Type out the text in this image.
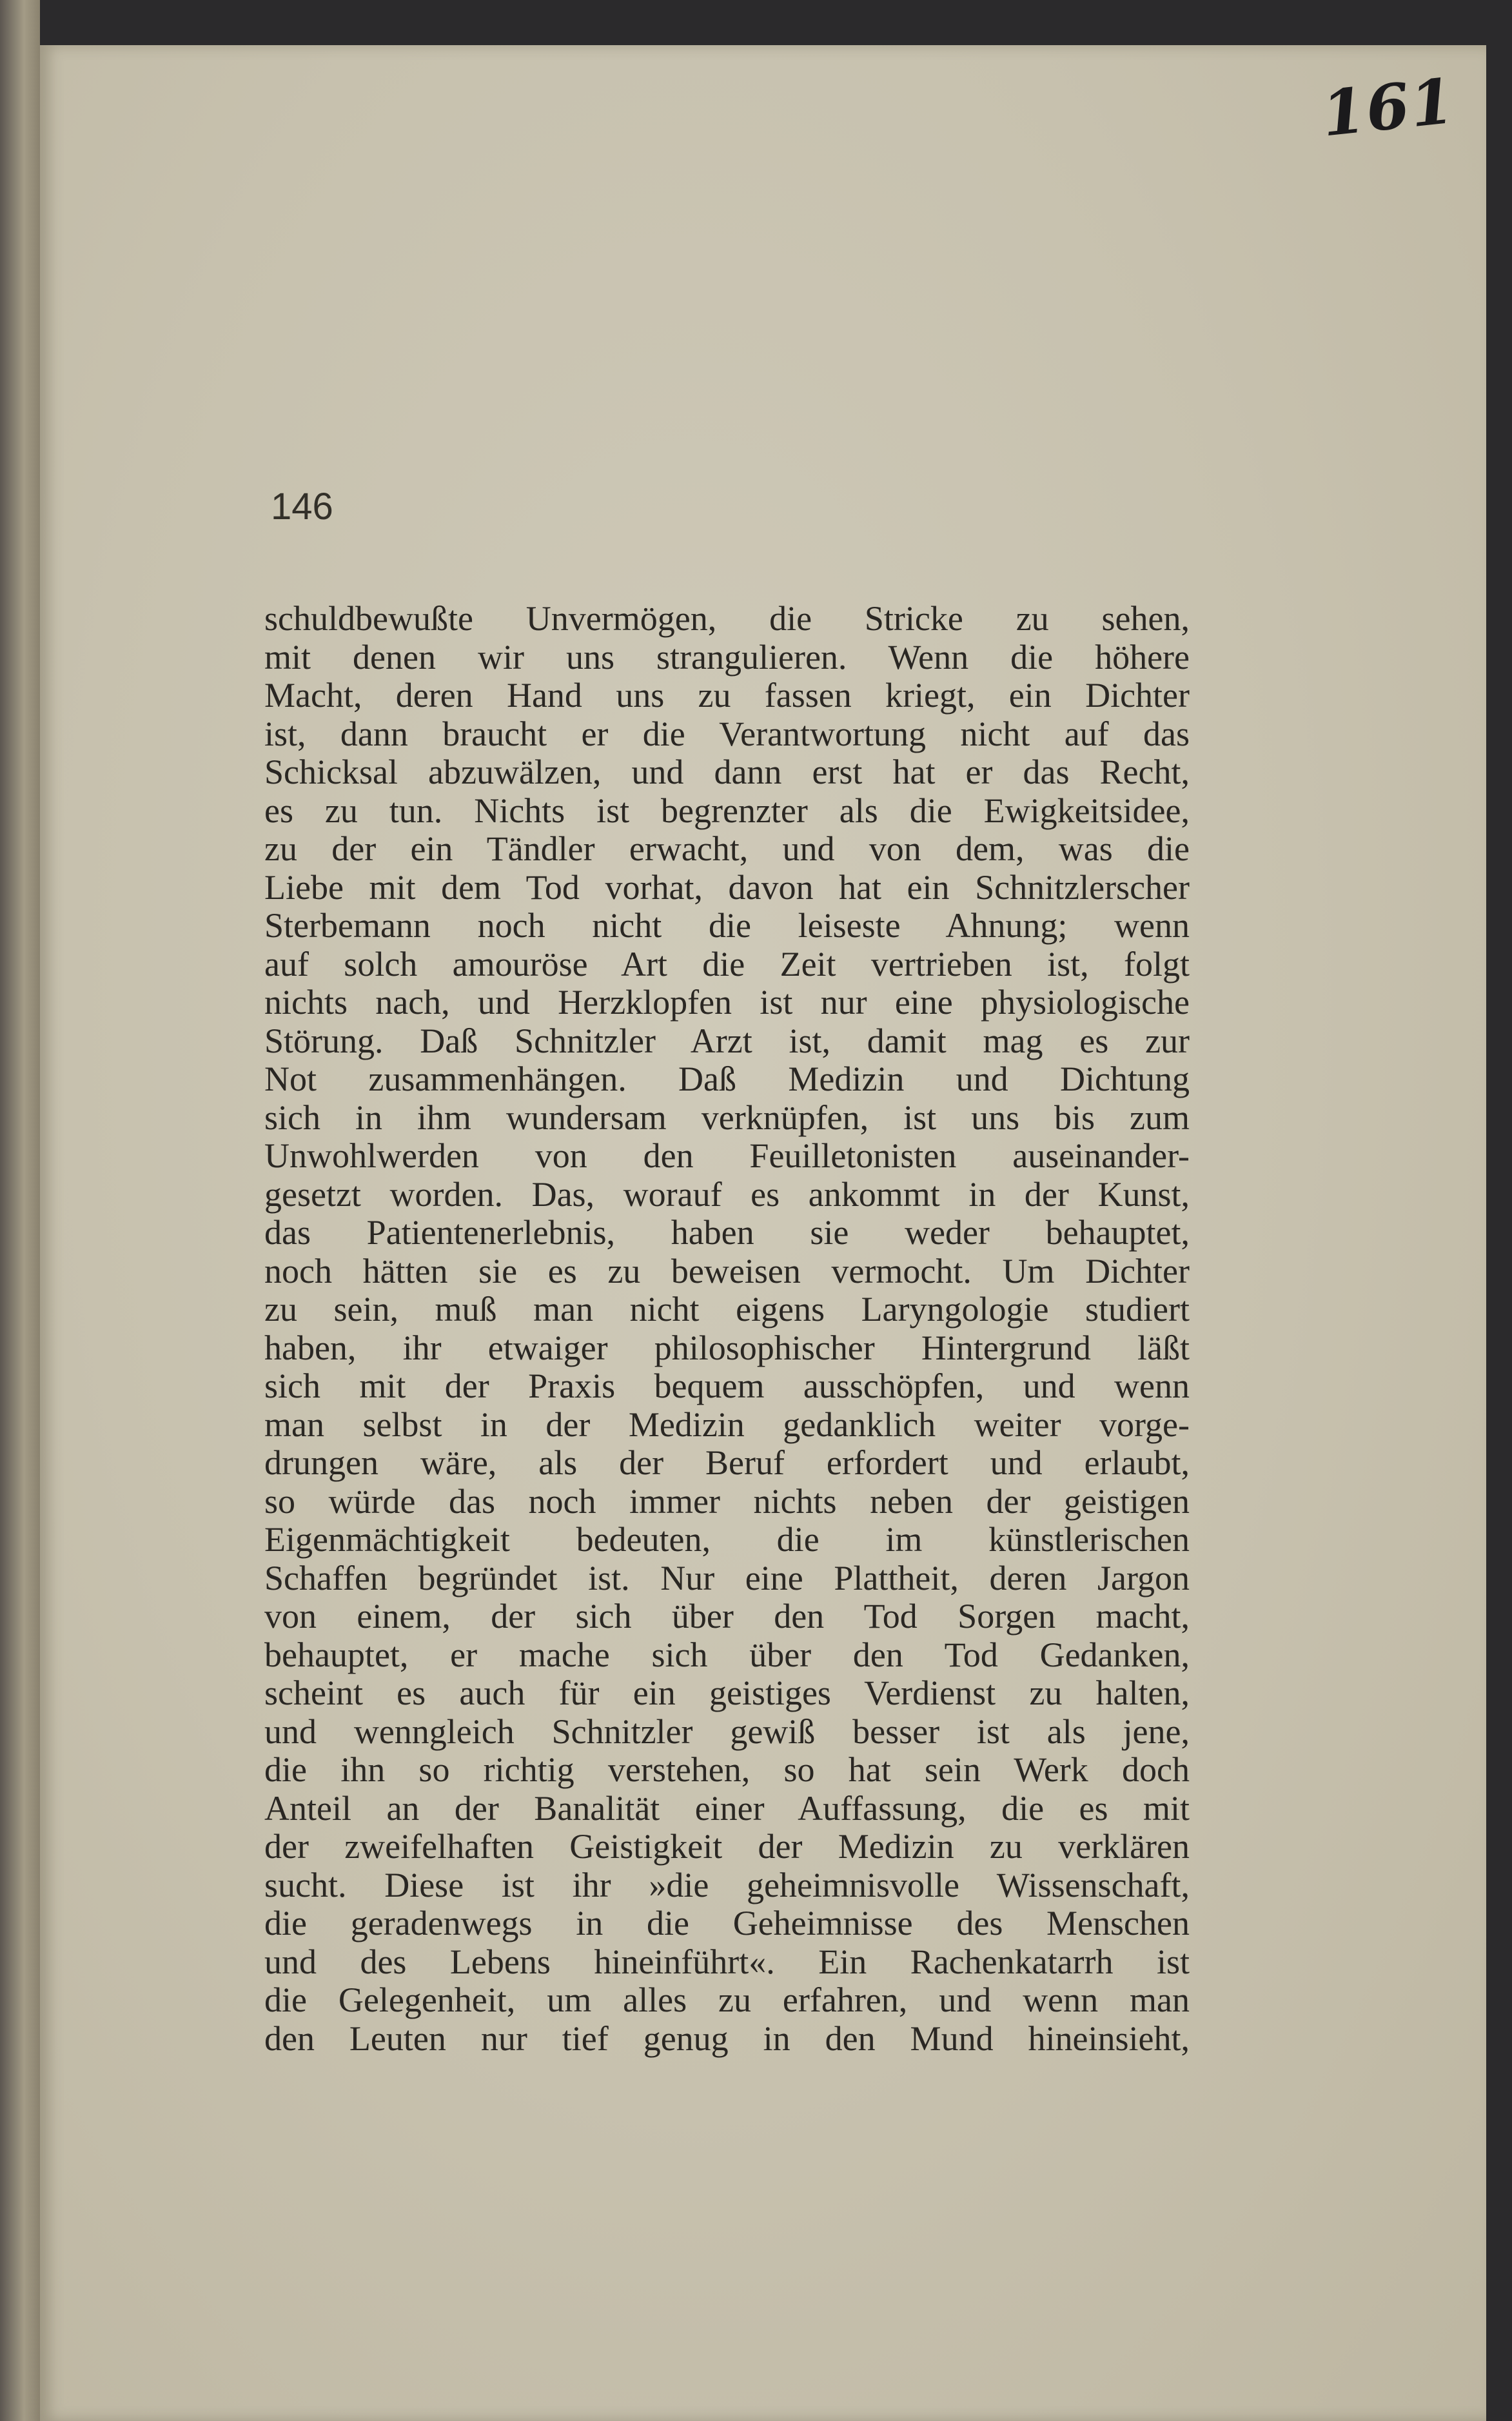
161
146
schuldbewußte Unvermögen, die Stricke zu sehen,
mit denen wir uns strangulieren. Wenn die höhere
Macht, deren Hand uns zu fassen kriegt, ein Dichter
ist, dann braucht er die Verantwortung nicht auf das
Schicksal abzuwälzen, und dann erst hat er das Recht,
es zu tun. Nichts ist begrenzter als die Ewigkeitsidee,
zu der ein Tändler erwacht, und von dem, was die
Liebe mit dem Tod vorhat, davon hat ein Schnitzlerscher
Sterbemann noch nicht die leiseste Ahnung; wenn
auf solch amouröse Art die Zeit vertrieben ist, folgt
nichts nach, und Herzklopfen ist nur eine physiologische
Störung. Daß Schnitzler Arzt ist, damit mag es zur
Not zusammenhängen. Daß Medizin und Dichtung
sich in ihm wundersam verknüpfen, ist uns bis zum
Unwohlwerden von den Feuilletonisten auseinander-
gesetzt worden. Das, worauf es ankommt in der Kunst,
das Patientenerlebnis, haben sie weder behauptet,
noch hätten sie es zu beweisen vermocht. Um Dichter
zu sein, muß man nicht eigens Laryngologie studiert
haben, ihr etwaiger philosophischer Hintergrund läßt
sich mit der Praxis bequem ausschöpfen, und wenn
man selbst in der Medizin gedanklich weiter vorge-
drungen wäre, als der Beruf erfordert und erlaubt,
so würde das noch immer nichts neben der geistigen
Eigenmächtigkeit bedeuten, die im künstlerischen
Schaffen begründet ist. Nur eine Plattheit, deren Jargon
von einem, der sich über den Tod Sorgen macht,
behauptet, er mache sich über den Tod Gedanken,
scheint es auch für ein geistiges Verdienst zu halten,
und wenngleich Schnitzler gewiß besser ist als jene,
die ihn so richtig verstehen, so hat sein Werk doch
Anteil an der Banalität einer Auffassung, die es mit
der zweifelhaften Geistigkeit der Medizin zu verklären
sucht. Diese ist ihr »die geheimnisvolle Wissenschaft,
die geradenwegs in die Geheimnisse des Menschen
und des Lebens hineinführt«. Ein Rachenkatarrh ist
die Gelegenheit, um alles zu erfahren, und wenn man
den Leuten nur tief genug in den Mund hineinsieht,
